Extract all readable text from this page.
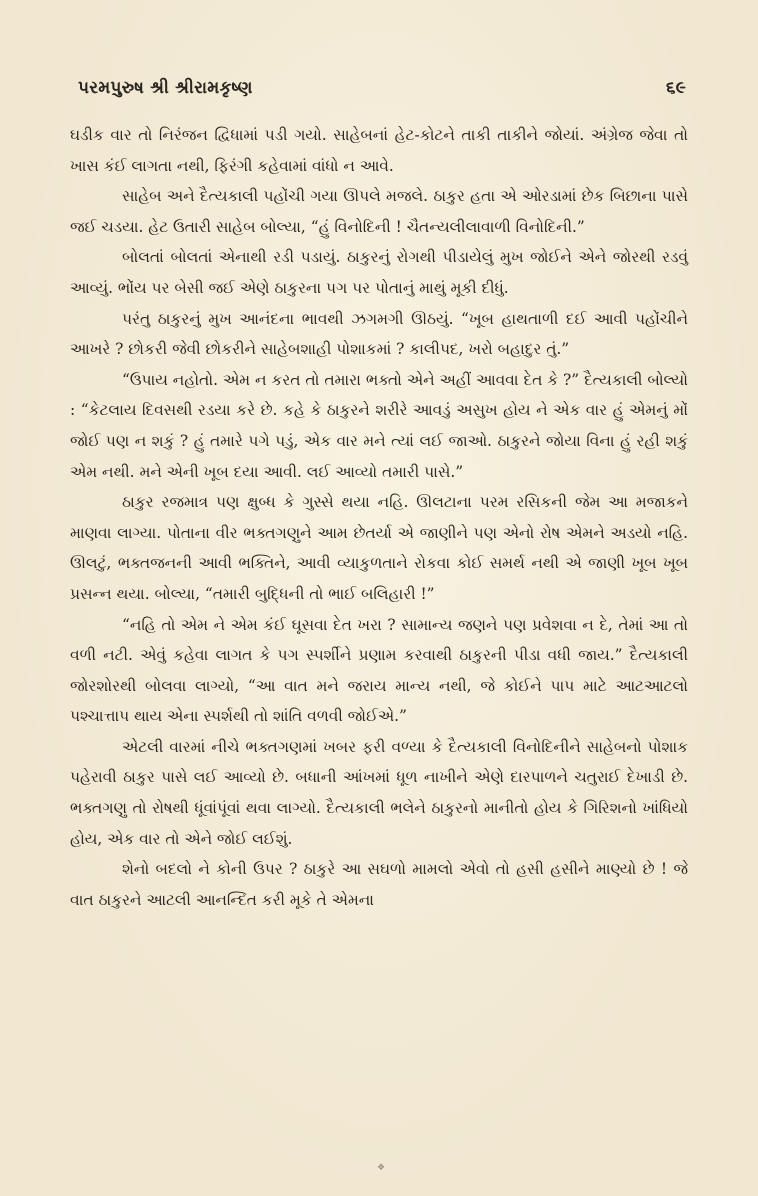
પરમપુરુષ શ્રી શ્રીરામકૃષ્ણ	૬૯

ઘડીક વાર તો નિરંજન દ્વિધામાં પડી ગયો. સાહેબનાં હેટ-કોટને તાકી તાકીને જોયાં. અંગ્રેજ જેવા તો ખાસ કંઈ લાગતા નથી, ફિરંગી કહેવામાં વાંધો ન આવે.

સાહેબ અને દૈત્યકાલી પહોંચી ગયા ઊપલે મજલે. ઠાકુર હતા એ ઓરડામાં છેક બિછાના પાસે જઈ ચડયા. હેટ ઉતારી સાહેબ બોલ્યા, “હું વિનોદિની ! ચૈતન્યલીલાવાળી વિનોદિની.”

બોલતાં બોલતાં એનાથી રડી પડાયું. ઠાકુરનું રોગથી પીડાયેલું મુખ જોઈને એને જોરથી રડવું આવ્યું. ભોંય પર બેસી જઈ એણે ઠાકુરના પગ પર પોતાનું માથું મૂકી દીધું.

પરંતુ ઠાકુરનું મુખ આનંદના ભાવથી ઝગમગી ઊઠયું. “ખૂબ હાથતાળી દઈ આવી પહોંચીને આખરે ? છોકરી જેવી છોકરીને સાહેબશાહી પોશાકમાં ? કાલીપદ, ખરો બહાદુર તું.”

“ઉપાય નહોતો. એમ ન કરત તો તમારા ભક્તો એને અહીં આવવા દેત કે ?” દૈત્યકાલી બોલ્યો : “કેટલાય દિવસથી રડયા કરે છે. કહે કે ઠાકુરને શરીરે આવડું અસુખ હોય ને એક વાર હું એમનું મોં જોઈ પણ ન શકું ? હું તમારે પગે પડું, એક વાર મને ત્યાં લઈ જાઓ. ઠાકુરને જોયા વિના હું રહી શકું એમ નથી. મને એની ખૂબ દયા આવી. લઈ આવ્યો તમારી પાસે.”

ઠાકુર રજમાત્ર પણ ક્ષુબ્ધ કે ગુસ્સે થયા નહિ. ઊલટાના પરમ રસિકની જેમ આ મજાકને માણવા લાગ્યા. પોતાના વીર ભક્તગણુને આમ છેતર્યા એ જાણીને પણ એનો રોષ એમને અડયો નહિ. ઊલટું, ભક્તજનની આવી ભક્તિને, આવી વ્યાકુળતાને રોકવા કોઈ સમર્થ નથી એ જાણી ખૂબ ખૂબ પ્રસન્ન થયા. બોલ્યા, “તમારી બુદ્ધિની તો ભાઈ બલિહારી !”

“નહિ તો એમ ને એમ કંઈ ઘૂસવા દેત ખરા ? સામાન્ય જણને પણ પ્રવેશવા ન દે, તેમાં આ તો વળી નટી. એવું કહેવા લાગત કે પગ સ્પર્શીને પ્રણામ કરવાથી ઠાકુરની પીડા વધી જાય.” દૈત્યકાલી જોરશોરથી બોલવા લાગ્યો, “આ વાત મને જરાય માન્ય નથી, જે કોઈને પાપ માટે આટઆટલો પશ્ચાત્તાપ થાય એના સ્પર્શથી તો શાંતિ વળવી જોઈએ.”

એટલી વારમાં નીચે ભક્તગણમાં ખબર ફરી વળ્યા કે દૈત્યકાલી વિનોદિનીને સાહેબનો પોશાક પહેરાવી ઠાકુર પાસે લઈ આવ્યો છે. બધાની આંખમાં ધૂળ નાખીને એણે દારપાળને ચતુરાઈ દેખાડી છે. ભક્તગણુ તો રોષથી ધૂંવાંપૂંવાં થવા લાગ્યો. દૈત્યકાલી ભલેને ઠાકુરનો માનીતો હોય કે ગિરિશનો ખાંધિયો હોય, એક વાર તો એને જોઈ લઈશું.

શેનો બદલો ને કોની ઉપર ? ઠાકુરે આ સઘળો મામલો એવો તો હસી હસીને માણ્યો છે ! જે વાત ઠાકુરને આટલી આનન્દિત કરી મૂકે તે એમના

❖
